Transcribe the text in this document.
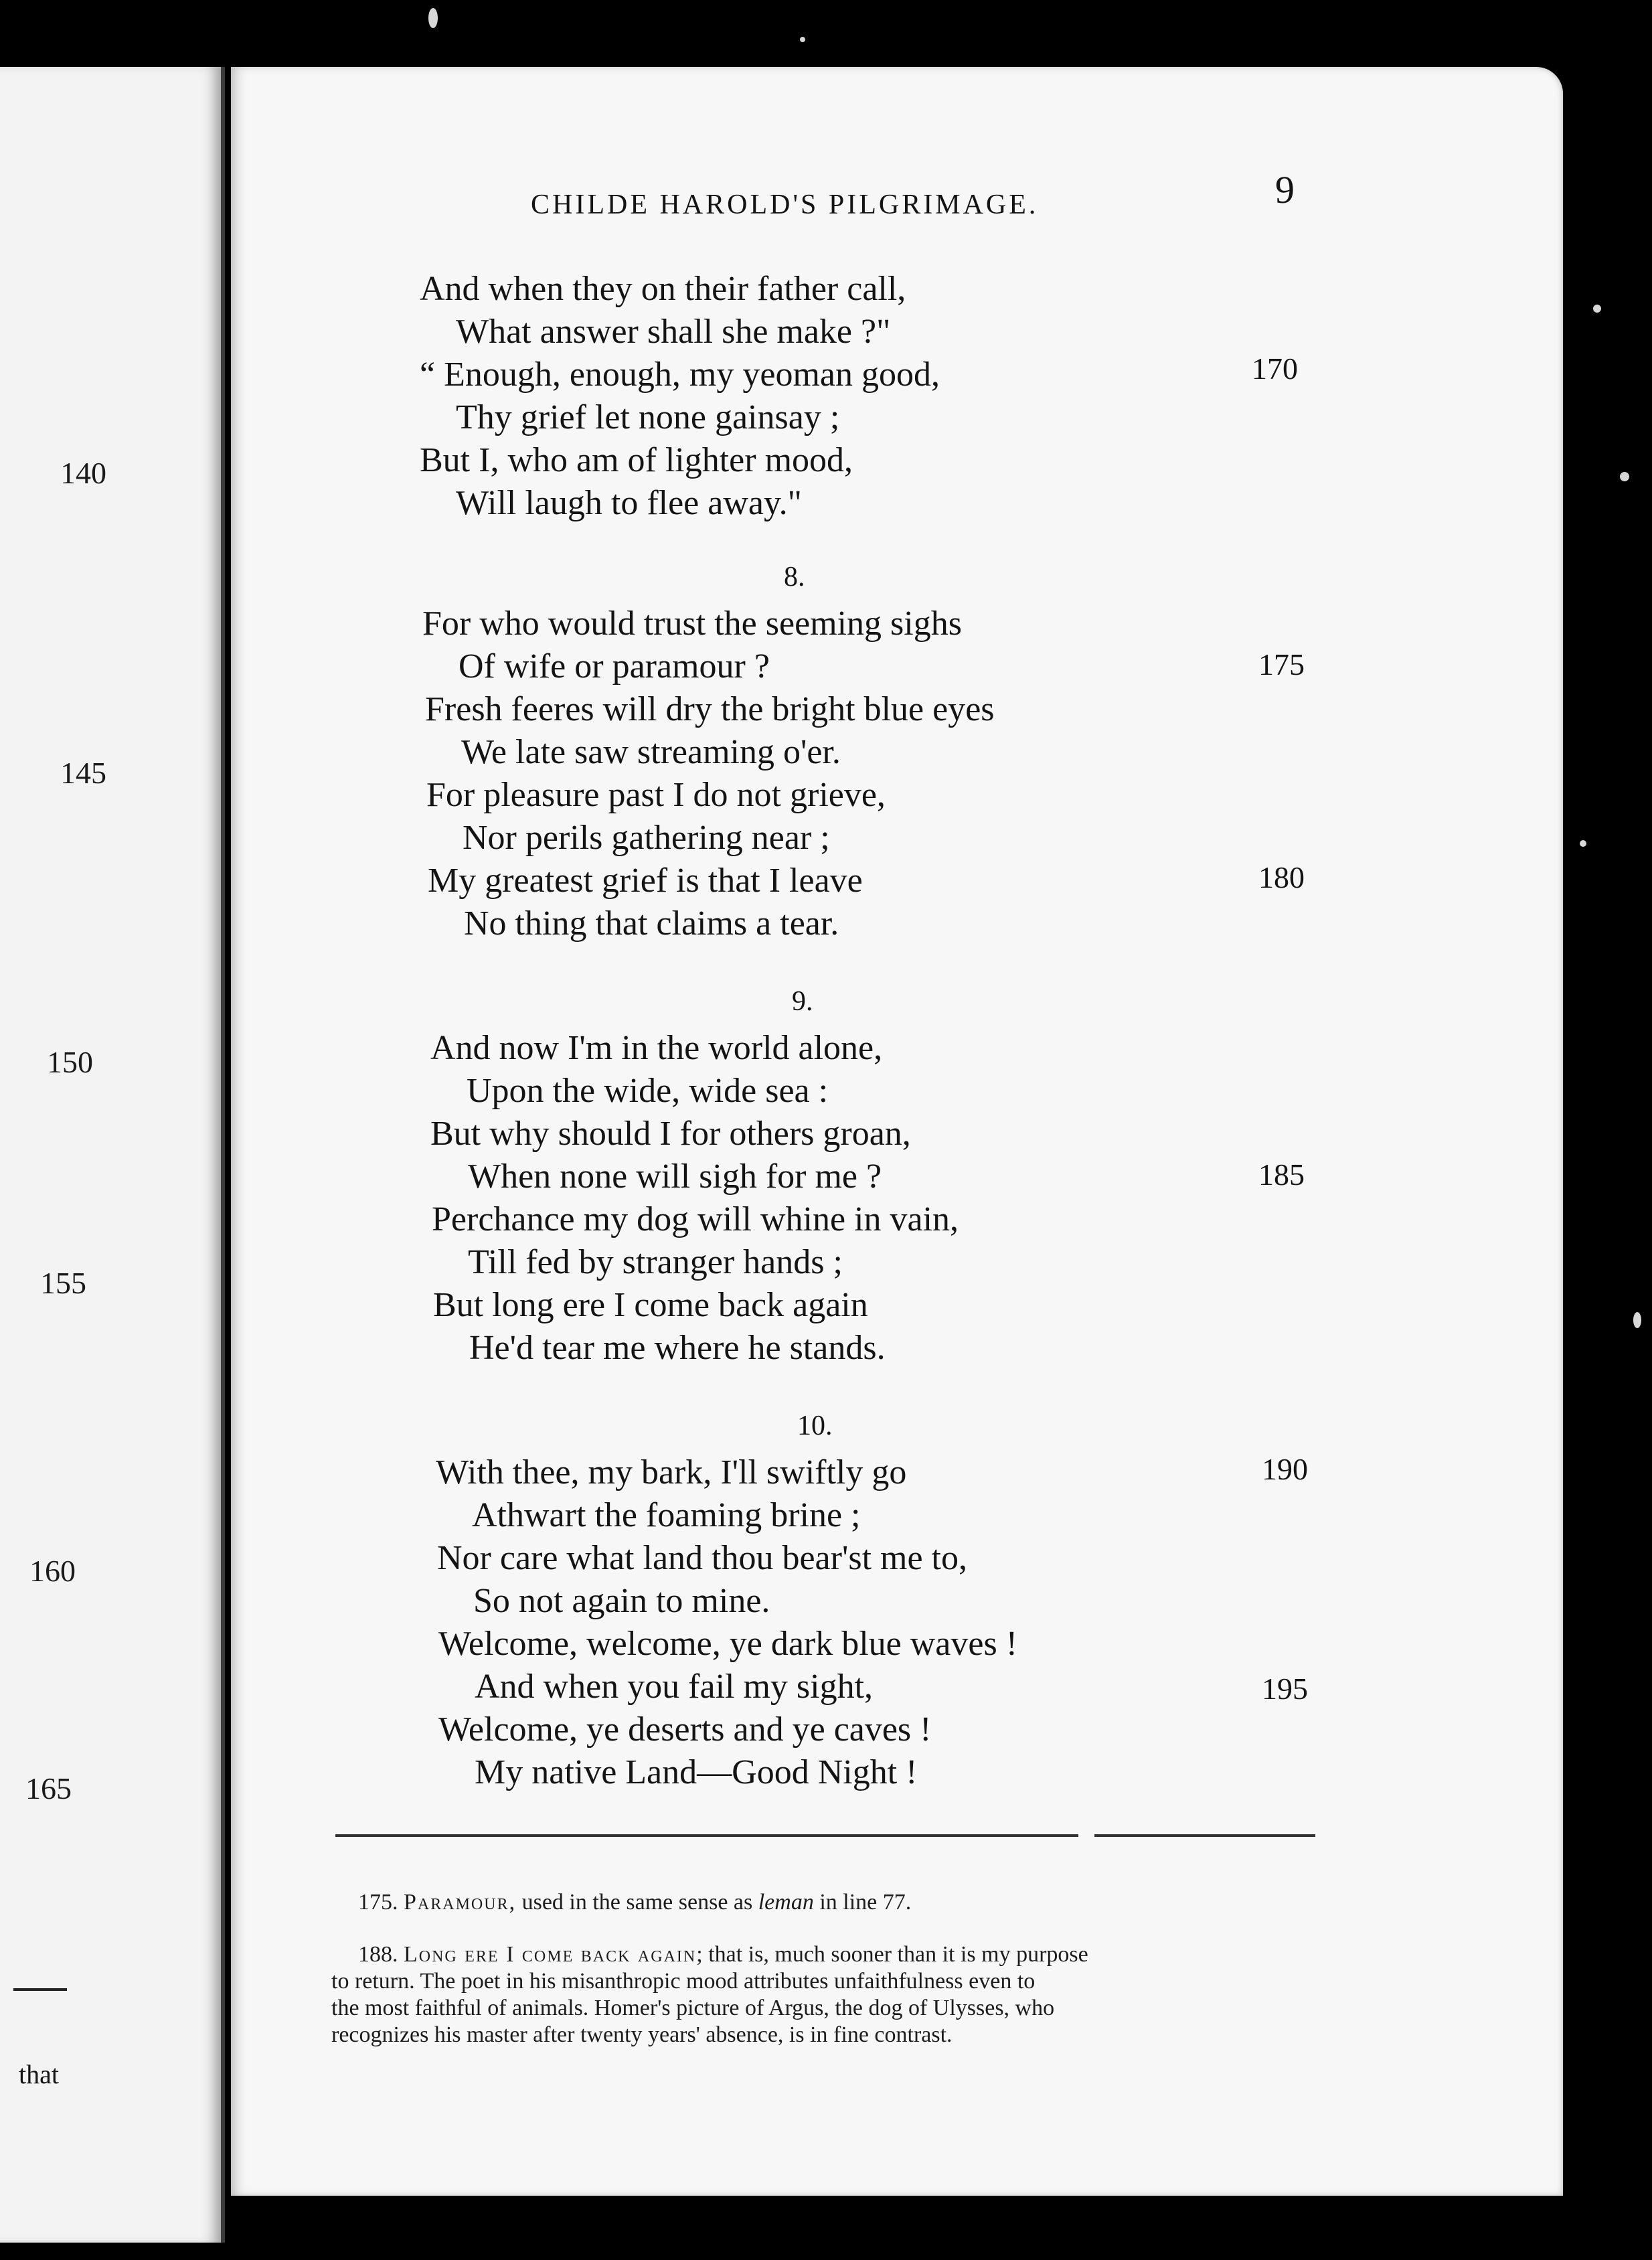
140
145
150
155
160
165
that
CHILDE HAROLD'S PILGRIMAGE.	9
And when they on their father call,
What answer shall she make ?"
“ Enough, enough, my yeoman good,
Thy grief let none gainsay ;
But I, who am of lighter mood,
Will laugh to flee away."
8.
For who would trust the seeming sighs
Of wife or paramour ?
Fresh feeres will dry the bright blue eyes
We late saw streaming o'er.
For pleasure past I do not grieve,
Nor perils gathering near ;
My greatest grief is that I leave
No thing that claims a tear.
9.
And now I'm in the world alone,
Upon the wide, wide sea :
But why should I for others groan,
When none will sigh for me ?
Perchance my dog will whine in vain,
Till fed by stranger hands ;
But long ere I come back again
He'd tear me where he stands.
10.
With thee, my bark, I'll swiftly go
Athwart the foaming brine ;
Nor care what land thou bear'st me to,
So not again to mine.
Welcome, welcome, ye dark blue waves !
And when you fail my sight,
Welcome, ye deserts and ye caves !
My native Land—Good Night !
170
175
180
185
190
195
175. Paramour, used in the same sense as leman in line 77.
188. Long ere I come back again; that is, much sooner than it is my purpose
to return. The poet in his misanthropic mood attributes unfaithfulness even to
the most faithful of animals. Homer's picture of Argus, the dog of Ulysses, who
recognizes his master after twenty years' absence, is in fine contrast.
